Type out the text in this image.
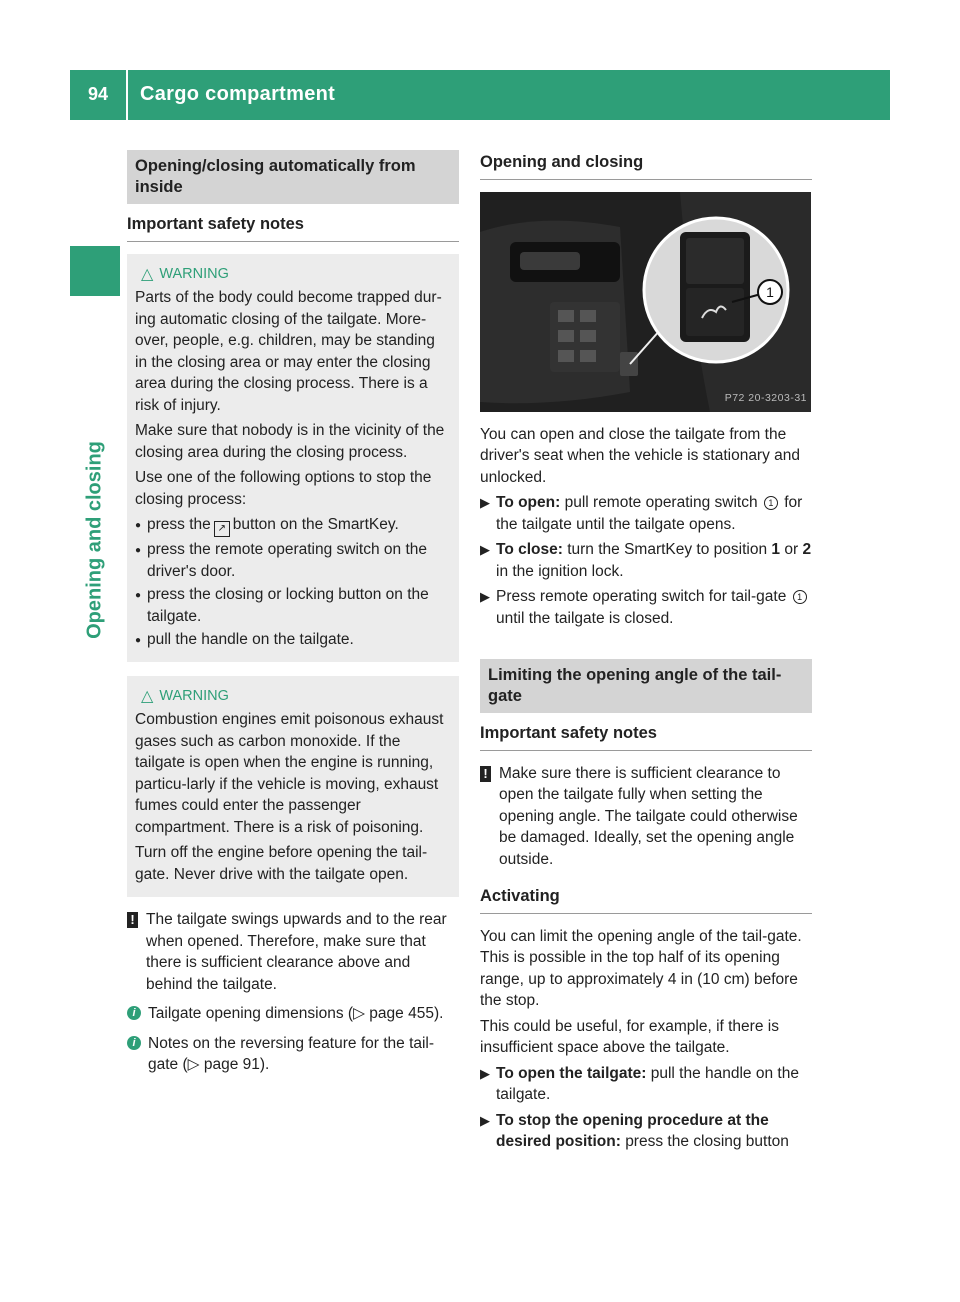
94	Cargo compartment
Opening and closing
Opening/closing automatically from inside
Important safety notes
△ WARNING

Parts of the body could become trapped dur-ing automatic closing of the tailgate. More-over, people, e.g. children, may be standing in the closing area or may enter the closing area during the closing process. There is a risk of injury.

Make sure that nobody is in the vicinity of the closing area during the closing process.

Use one of the following options to stop the closing process:

● press the ↗ button on the SmartKey.
● press the remote operating switch on the driver's door.
● press the closing or locking button on the tailgate.
● pull the handle on the tailgate.
△ WARNING

Combustion engines emit poisonous exhaust gases such as carbon monoxide. If the tailgate is open when the engine is running, particu-larly if the vehicle is moving, exhaust fumes could enter the passenger compartment. There is a risk of poisoning.

Turn off the engine before opening the tail-gate. Never drive with the tailgate open.

! The tailgate swings upwards and to the rear when opened. Therefore, make sure that there is sufficient clearance above and behind the tailgate.
i Tailgate opening dimensions (▷ page 455).
i Notes on the reversing feature for the tail-gate (▷ page 91).
Opening and closing
1
P72 20-3203-31

You can open and close the tailgate from the driver's seat when the vehicle is stationary and unlocked.

▶ To open: pull remote operating switch 1 for the tailgate until the tailgate opens.
▶ To close: turn the SmartKey to position 1 or 2 in the ignition lock.
▶ Press remote operating switch for tail-gate 1 until the tailgate is closed.
Limiting the opening angle of the tail-gate
Important safety notes
! Make sure there is sufficient clearance to open the tailgate fully when setting the opening angle. The tailgate could otherwise be damaged. Ideally, set the opening angle outside.
Activating

You can limit the opening angle of the tail-gate. This is possible in the top half of its opening range, up to approximately 4 in (10 cm) before the stop.

This could be useful, for example, if there is insufficient space above the tailgate.

▶ To open the tailgate: pull the handle on the tailgate.
▶ To stop the opening procedure at the desired position: press the closing button
